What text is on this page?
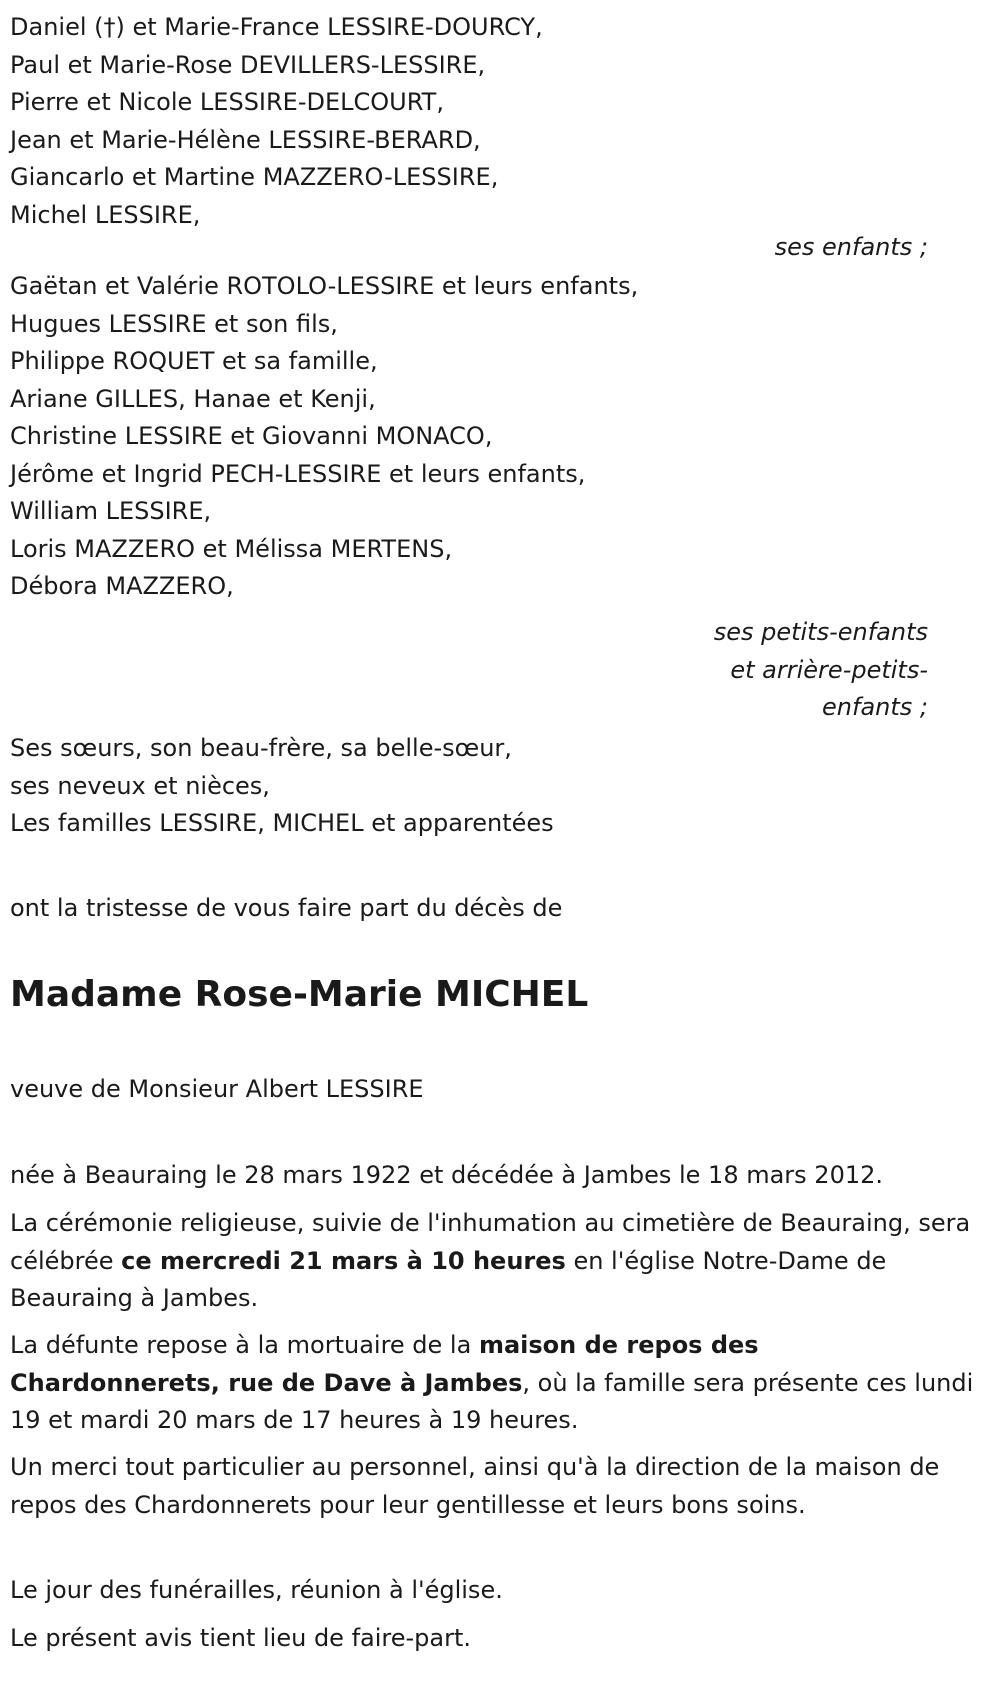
Daniel (†) et Marie-France LESSIRE-DOURCY,

Paul et Marie-Rose DEVILLERS-LESSIRE,

Pierre et Nicole LESSIRE-DELCOURT,

Jean et Marie-Hélène LESSIRE-BERARD,

Giancarlo et Martine MAZZERO-LESSIRE,

Michel LESSIRE,

ses enfants ;

Gaëtan et Valérie ROTOLO-LESSIRE et leurs enfants,

Hugues LESSIRE et son fils,

Philippe ROQUET et sa famille,

Ariane GILLES, Hanae et Kenji,

Christine LESSIRE et Giovanni MONACO,

Jérôme et Ingrid PECH-LESSIRE et leurs enfants,

William LESSIRE,

Loris MAZZERO et Mélissa MERTENS,

Débora MAZZERO,

ses petits-enfants
et arrière-petits-
enfants ;

Ses sœurs, son beau-frère, sa belle-sœur,

ses neveux et nièces,

Les familles LESSIRE, MICHEL et apparentées

ont la tristesse de vous faire part du décès de

Madame Rose-Marie MICHEL

veuve de Monsieur Albert LESSIRE

née à Beauraing le 28 mars 1922 et décédée à Jambes le 18 mars 2012.

La cérémonie religieuse, suivie de l'inhumation au cimetière de Beauraing, sera célébrée ce mercredi 21 mars à 10 heures en l'église Notre-Dame de Beauraing à Jambes.

La défunte repose à la mortuaire de la maison de repos des Chardonnerets, rue de Dave à Jambes, où la famille sera présente ces lundi 19 et mardi 20 mars de 17 heures à 19 heures.

Un merci tout particulier au personnel, ainsi qu'à la direction de la maison de repos des Chardonnerets pour leur gentillesse et leurs bons soins.

Le jour des funérailles, réunion à l'église.

Le présent avis tient lieu de faire-part.
